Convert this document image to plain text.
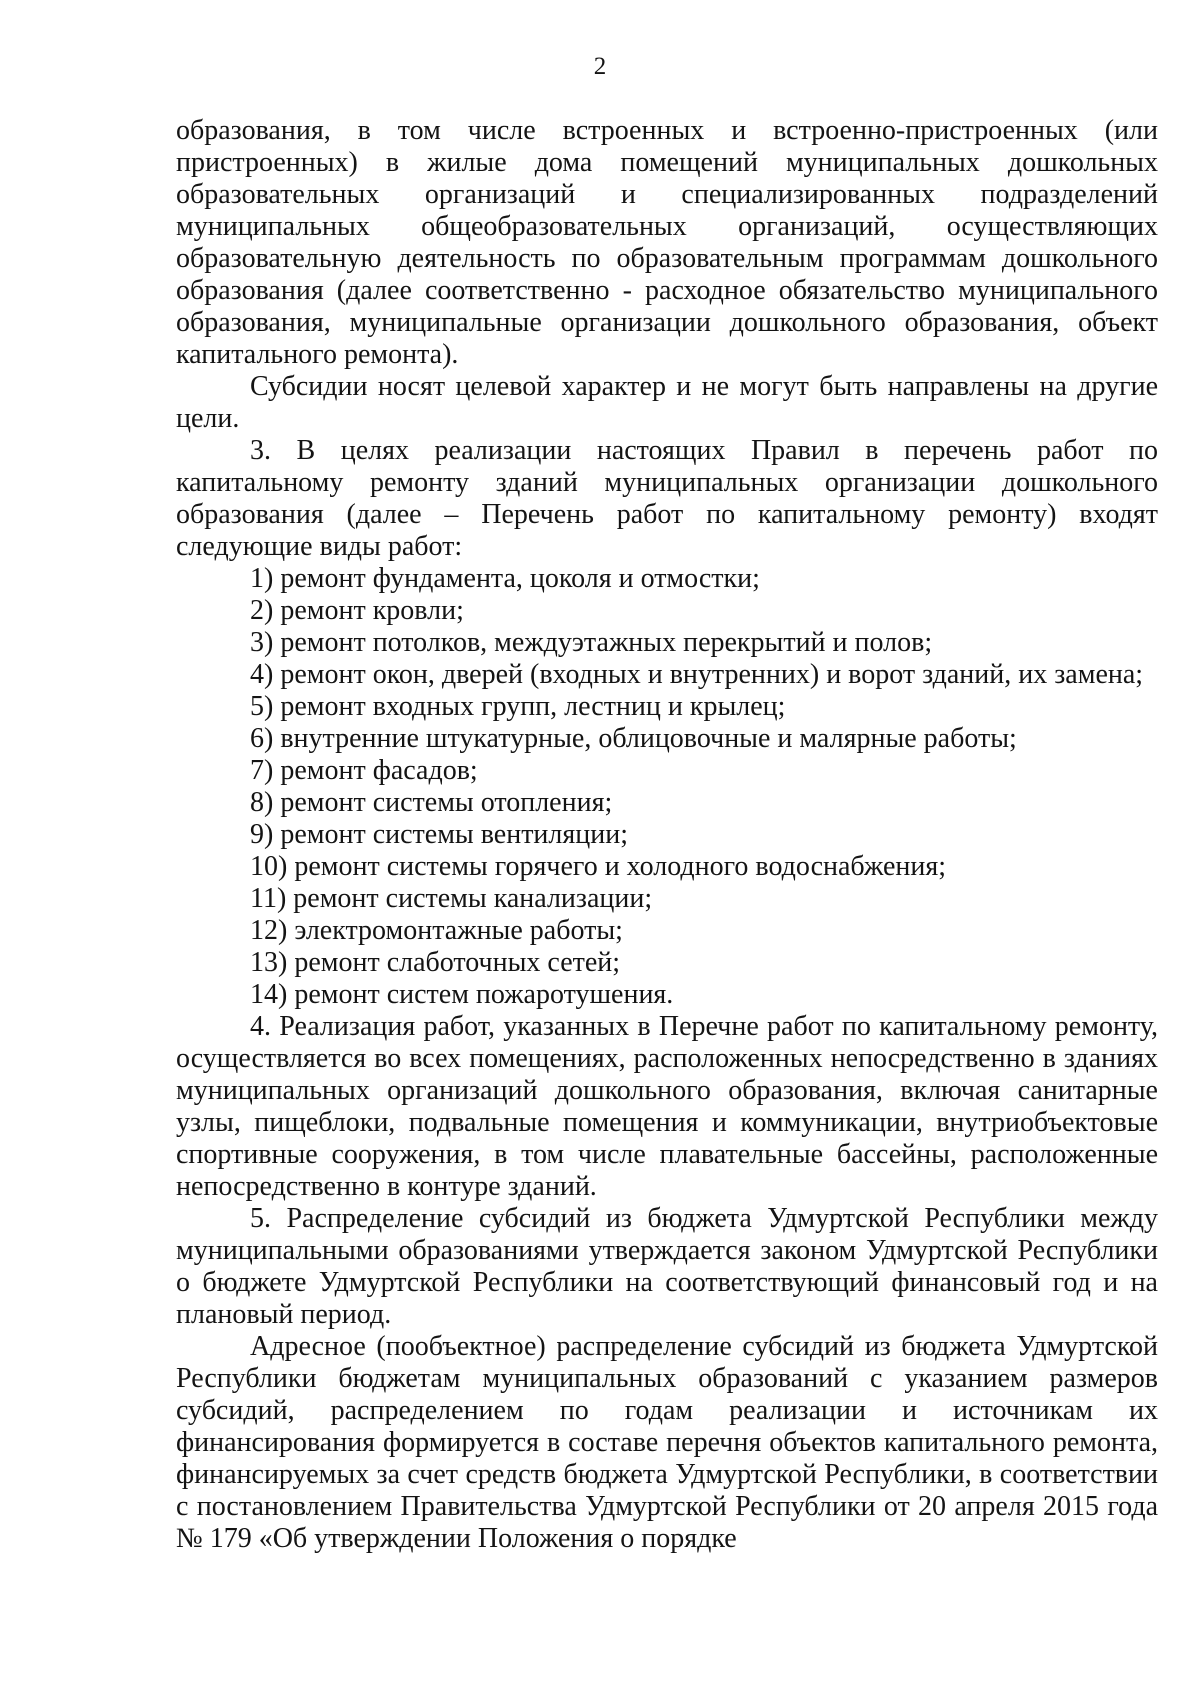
2

образования, в том числе встроенных и встроенно-пристроенных (или пристроенных) в жилые дома помещений муниципальных дошкольных образовательных организаций и специализированных подразделений муниципальных общеобразовательных организаций, осуществляющих образовательную деятельность по образовательным программам дошкольного образования (далее соответственно - расходное обязательство муниципального образования, муниципальные организации дошкольного образования, объект капитального ремонта).

Субсидии носят целевой характер и не могут быть направлены на другие цели.

3. В целях реализации настоящих Правил в перечень работ по капитальному ремонту зданий муниципальных организации дошкольного образования (далее – Перечень работ по капитальному ремонту) входят следующие виды работ:

1) ремонт фундамента, цоколя и отмостки;

2) ремонт кровли;

3) ремонт потолков, междуэтажных перекрытий и полов;

4) ремонт окон, дверей (входных и внутренних) и ворот зданий, их замена;

5) ремонт входных групп, лестниц и крылец;

6) внутренние штукатурные, облицовочные и малярные работы;

7) ремонт фасадов;

8) ремонт системы отопления;

9) ремонт системы вентиляции;

10) ремонт системы горячего и холодного водоснабжения;

11) ремонт системы канализации;

12) электромонтажные работы;

13) ремонт слаботочных сетей;

14) ремонт систем пожаротушения.

4. Реализация работ, указанных в Перечне работ по капитальному ремонту, осуществляется во всех помещениях, расположенных непосредственно в зданиях муниципальных организаций дошкольного образования, включая санитарные узлы, пищеблоки, подвальные помещения и коммуникации, внутриобъектовые спортивные сооружения, в том числе плавательные бассейны, расположенные непосредственно в контуре зданий.

5. Распределение субсидий из бюджета Удмуртской Республики между муниципальными образованиями утверждается законом Удмуртской Республики о бюджете Удмуртской Республики на соответствующий финансовый год и на плановый период.

Адресное (пообъектное) распределение субсидий из бюджета Удмуртской Республики бюджетам муниципальных образований с указанием размеров субсидий, распределением по годам реализации и источникам их финансирования формируется в составе перечня объектов капитального ремонта, финансируемых за счет средств бюджета Удмуртской Республики, в соответствии с постановлением Правительства Удмуртской Республики от 20 апреля 2015 года № 179 «Об утверждении Положения о порядке
